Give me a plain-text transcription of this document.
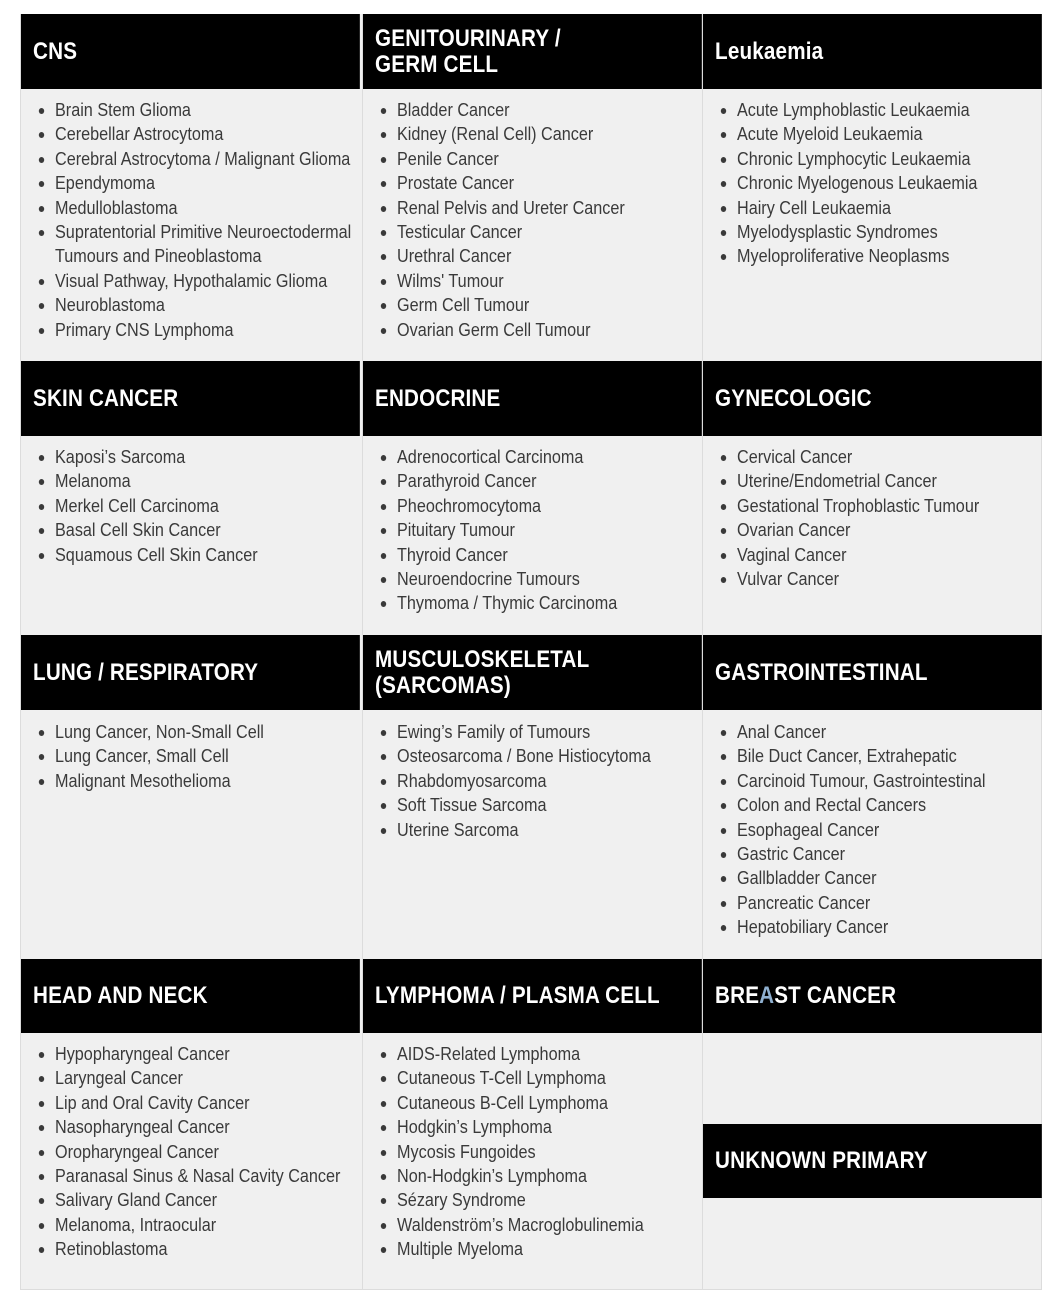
CNS
Brain Stem Glioma
Cerebellar Astrocytoma
Cerebral Astrocytoma / Malignant Glioma
Ependymoma
Medulloblastoma
Supratentorial Primitive Neuroectodermal
Tumours and Pineoblastoma
Visual Pathway, Hypothalamic Glioma
Neuroblastoma
Primary CNS Lymphoma
SKIN CANCER
Kaposi’s Sarcoma
Melanoma
Merkel Cell Carcinoma
Basal Cell Skin Cancer
Squamous Cell Skin Cancer
LUNG / RESPIRATORY
Lung Cancer, Non-Small Cell
Lung Cancer, Small Cell
Malignant Mesothelioma
HEAD AND NECK
Hypopharyngeal Cancer
Laryngeal Cancer
Lip and Oral Cavity Cancer
Nasopharyngeal Cancer
Oropharyngeal Cancer
Paranasal Sinus & Nasal Cavity Cancer
Salivary Gland Cancer
Melanoma, Intraocular
Retinoblastoma
GENITOURINARY /
GERM CELL
Bladder Cancer
Kidney (Renal Cell) Cancer
Penile Cancer
Prostate Cancer
Renal Pelvis and Ureter Cancer
Testicular Cancer
Urethral Cancer
Wilms' Tumour
Germ Cell Tumour
Ovarian Germ Cell Tumour
ENDOCRINE
Adrenocortical Carcinoma
Parathyroid Cancer
Pheochromocytoma
Pituitary Tumour
Thyroid Cancer
Neuroendocrine Tumours
Thymoma / Thymic Carcinoma
MUSCULOSKELETAL
(SARCOMAS)
Ewing’s Family of Tumours
Osteosarcoma / Bone Histiocytoma
Rhabdomyosarcoma
Soft Tissue Sarcoma
Uterine Sarcoma
LYMPHOMA / PLASMA CELL
AIDS-Related Lymphoma
Cutaneous T-Cell Lymphoma
Cutaneous B-Cell Lymphoma
Hodgkin’s Lymphoma
Mycosis Fungoides
Non-Hodgkin’s Lymphoma
Sézary Syndrome
Waldenström’s Macroglobulinemia
Multiple Myeloma
Leukaemia
Acute Lymphoblastic Leukaemia
Acute Myeloid Leukaemia
Chronic Lymphocytic Leukaemia
Chronic Myelogenous Leukaemia
Hairy Cell Leukaemia
Myelodysplastic Syndromes
Myeloproliferative Neoplasms
GYNECOLOGIC
Cervical Cancer
Uterine/Endometrial Cancer
Gestational Trophoblastic Tumour
Ovarian Cancer
Vaginal Cancer
Vulvar Cancer
GASTROINTESTINAL
Anal Cancer
Bile Duct Cancer, Extrahepatic
Carcinoid Tumour, Gastrointestinal
Colon and Rectal Cancers
Esophageal Cancer
Gastric Cancer
Gallbladder Cancer
Pancreatic Cancer
Hepatobiliary Cancer
BREAST CANCER
UNKNOWN PRIMARY
